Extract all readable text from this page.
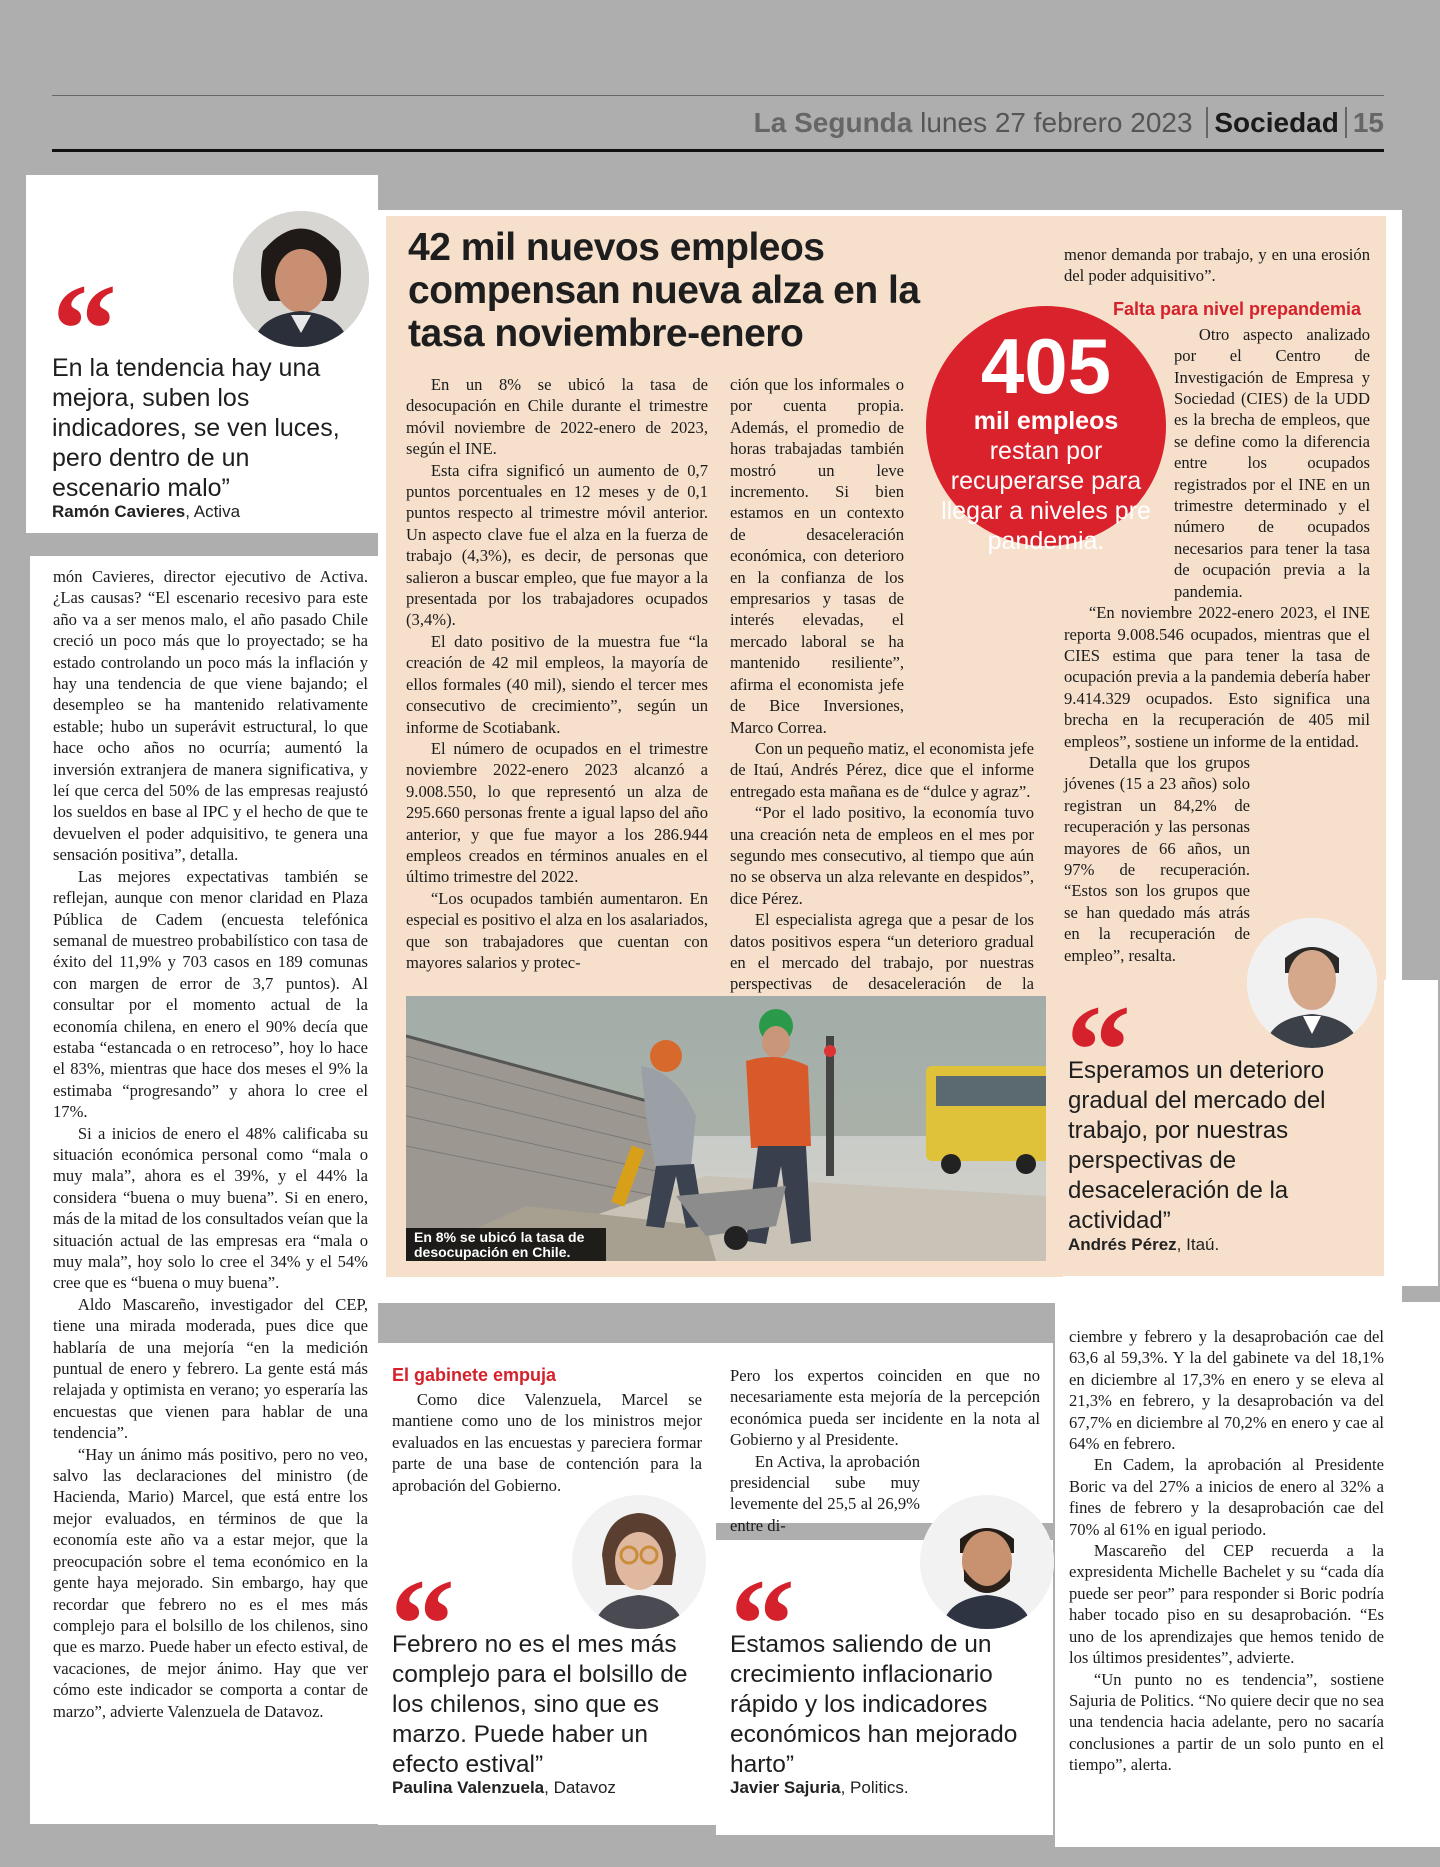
La Segunda lunes 27 febrero 2023 Sociedad 15
“
En la tendencia hay una mejora, suben los indicadores, se ven luces, pero dentro de un escenario malo”
Ramón Cavieres, Activa

món Cavieres, director ejecutivo de Activa. ¿Las causas? “El escenario recesivo para este año va a ser menos malo, el año pasado Chile creció un poco más que lo proyectado; se ha estado controlando un poco más la inflación y hay una tendencia de que viene bajando; el desempleo se ha mantenido relativamente estable; hubo un superávit estructural, lo que hace ocho años no ocurría; aumentó la inversión extranjera de manera significativa, y leí que cerca del 50% de las empresas reajustó los sueldos en base al IPC y el hecho de que te devuelven el poder adquisitivo, te genera una sensación positiva”, detalla.

Las mejores expectativas también se reflejan, aunque con menor claridad en Plaza Pública de Cadem (encuesta telefónica semanal de muestreo probabilístico con tasa de éxito del 11,9% y 703 casos en 189 comunas con margen de error de 3,7 puntos). Al consultar por el momento actual de la economía chilena, en enero el 90% decía que estaba “estancada o en retroceso”, hoy lo hace el 83%, mientras que hace dos meses el 9% la estimaba “progresando” y ahora lo cree el 17%.

Si a inicios de enero el 48% calificaba su situación económica personal como “mala o muy mala”, ahora es el 39%, y el 44% la considera “buena o muy buena”. Si en enero, más de la mitad de los consultados veían que la situación actual de las empresas era “mala o muy mala”, hoy solo lo cree el 34% y el 54% cree que es “buena o muy buena”.

Aldo Mascareño, investigador del CEP, tiene una mirada moderada, pues dice que hablaría de una mejoría “en la medición puntual de enero y febrero. La gente está más relajada y optimista en verano; yo esperaría las encuestas que vienen para hablar de una tendencia”.

“Hay un ánimo más positivo, pero no veo, salvo las declaraciones del ministro (de Hacienda, Mario) Marcel, que está entre los mejor evaluados, en términos de que la economía este año va a estar mejor, que la preocupación sobre el tema económico en la gente haya mejorado. Sin embargo, hay que recordar que febrero no es el mes más complejo para el bolsillo de los chilenos, sino que es marzo. Puede haber un efecto estival, de vacaciones, de mejor ánimo. Hay que ver cómo este indicador se comporta a contar de marzo”, advierte Valenzuela de Datavoz.

42 mil nuevos empleos compensan nueva alza en la tasa noviembre-enero

En un 8% se ubicó la tasa de desocupación en Chile durante el trimestre móvil noviembre de 2022-enero de 2023, según el INE.

Esta cifra significó un aumento de 0,7 puntos porcentuales en 12 meses y de 0,1 puntos respecto al trimestre móvil anterior. Un aspecto clave fue el alza en la fuerza de trabajo (4,3%), es decir, de personas que salieron a buscar empleo, que fue mayor a la presentada por los trabajadores ocupados (3,4%).

El dato positivo de la muestra fue “la creación de 42 mil empleos, la mayoría de ellos formales (40 mil), siendo el tercer mes consecutivo de crecimiento”, según un informe de Scotiabank.

El número de ocupados en el trimestre noviembre 2022-enero 2023 alcanzó a 9.008.550, lo que representó un alza de 295.660 personas frente a igual lapso del año anterior, y que fue mayor a los 286.944 empleos creados en términos anuales en el último trimestre del 2022.

“Los ocupados también aumentaron. En especial es positivo el alza en los asalariados, que son trabajadores que cuentan con mayores salarios y protec-

ción que los informales o por cuenta propia. Además, el promedio de horas trabajadas también mostró un leve incremento. Si bien estamos en un contexto de desaceleración económica, con deterioro en la confianza de los empresarios y tasas de interés elevadas, el mercado laboral se ha mantenido resiliente”, afirma el economista jefe de Bice Inversiones, Marco Correa.

Con un pequeño matiz, el economista jefe de Itaú, Andrés Pérez, dice que el informe entregado esta mañana es de “dulce y agraz”.

“Por el lado positivo, la economía tuvo una creación neta de empleos en el mes por segundo mes consecutivo, al tiempo que aún no se observa un alza relevante en despidos”, dice Pérez.

El especialista agrega que a pesar de los datos positivos espera “un deterioro gradual en el mercado del trabajo, por nuestras perspectivas de desaceleración de la

menor demanda por trabajo, y en una erosión del poder adquisitivo”.

Falta para nivel prepandemia

Otro aspecto analizado por el Centro de Investigación de Empresa y Sociedad (CIES) de la UDD es la brecha de empleos, que se define como la diferencia entre los ocupados registrados por el INE en un trimestre determinado y el número de ocupados necesarios para tener la tasa de ocupación previa a la pandemia.

“En noviembre 2022-enero 2023, el INE reporta 9.008.546 ocupados, mientras que el CIES estima que para tener la tasa de ocupación previa a la pandemia debería haber 9.414.329 ocupados. Esto significa una brecha en la recuperación de 405 mil empleos”, sostiene un informe de la entidad.

Detalla que los grupos jóvenes (15 a 23 años) solo registran un 84,2% de recuperación y las personas mayores de 66 años, un 97% de recuperación. “Estos son los grupos que se han quedado más atrás en la recuperación de empleo”, resalta.

405
mil empleos restan por recuperarse para llegar a niveles pre pandemia.
En 8% se ubicó la tasa de desocupación en Chile.
“
Esperamos un deterioro gradual del mercado del trabajo, por nuestras perspectivas de desaceleración de la actividad”
Andrés Pérez, Itaú.
El gabinete empuja

Como dice Valenzuela, Marcel se mantiene como uno de los ministros mejor evaluados en las encuestas y pareciera formar parte de una base de contención para la aprobación del Gobierno.

Pero los expertos coinciden en que no necesariamente esta mejoría de la percepción económica pueda ser incidente en la nota al Gobierno y al Presidente.

En Activa, la aprobación presidencial sube muy levemente del 25,5 al 26,9% entre di-

“
Febrero no es el mes más complejo para el bolsillo de los chilenos, sino que es marzo. Puede haber un efecto estival”
Paulina Valenzuela, Datavoz
“
Estamos saliendo de un crecimiento inflacionario rápido y los indicadores económicos han mejorado harto”
Javier Sajuria, Politics.

ciembre y febrero y la desaprobación cae del 63,6 al 59,3%. Y la del gabinete va del 18,1% en diciembre al 17,3% en enero y se eleva al 21,3% en febrero, y la desaprobación va del 67,7% en diciembre al 70,2% en enero y cae al 64% en febrero.

En Cadem, la aprobación al Presidente Boric va del 27% a inicios de enero al 32% a fines de febrero y la desaprobación cae del 70% al 61% en igual periodo.

Mascareño del CEP recuerda a la expresidenta Michelle Bachelet y su “cada día puede ser peor” para responder si Boric podría haber tocado piso en su desaprobación. “Es uno de los aprendizajes que hemos tenido de los últimos presidentes”, advierte.

“Un punto no es tendencia”, sostiene Sajuria de Politics. “No quiere decir que no sea una tendencia hacia adelante, pero no sacaría conclusiones a partir de un solo punto en el tiempo”, alerta.
